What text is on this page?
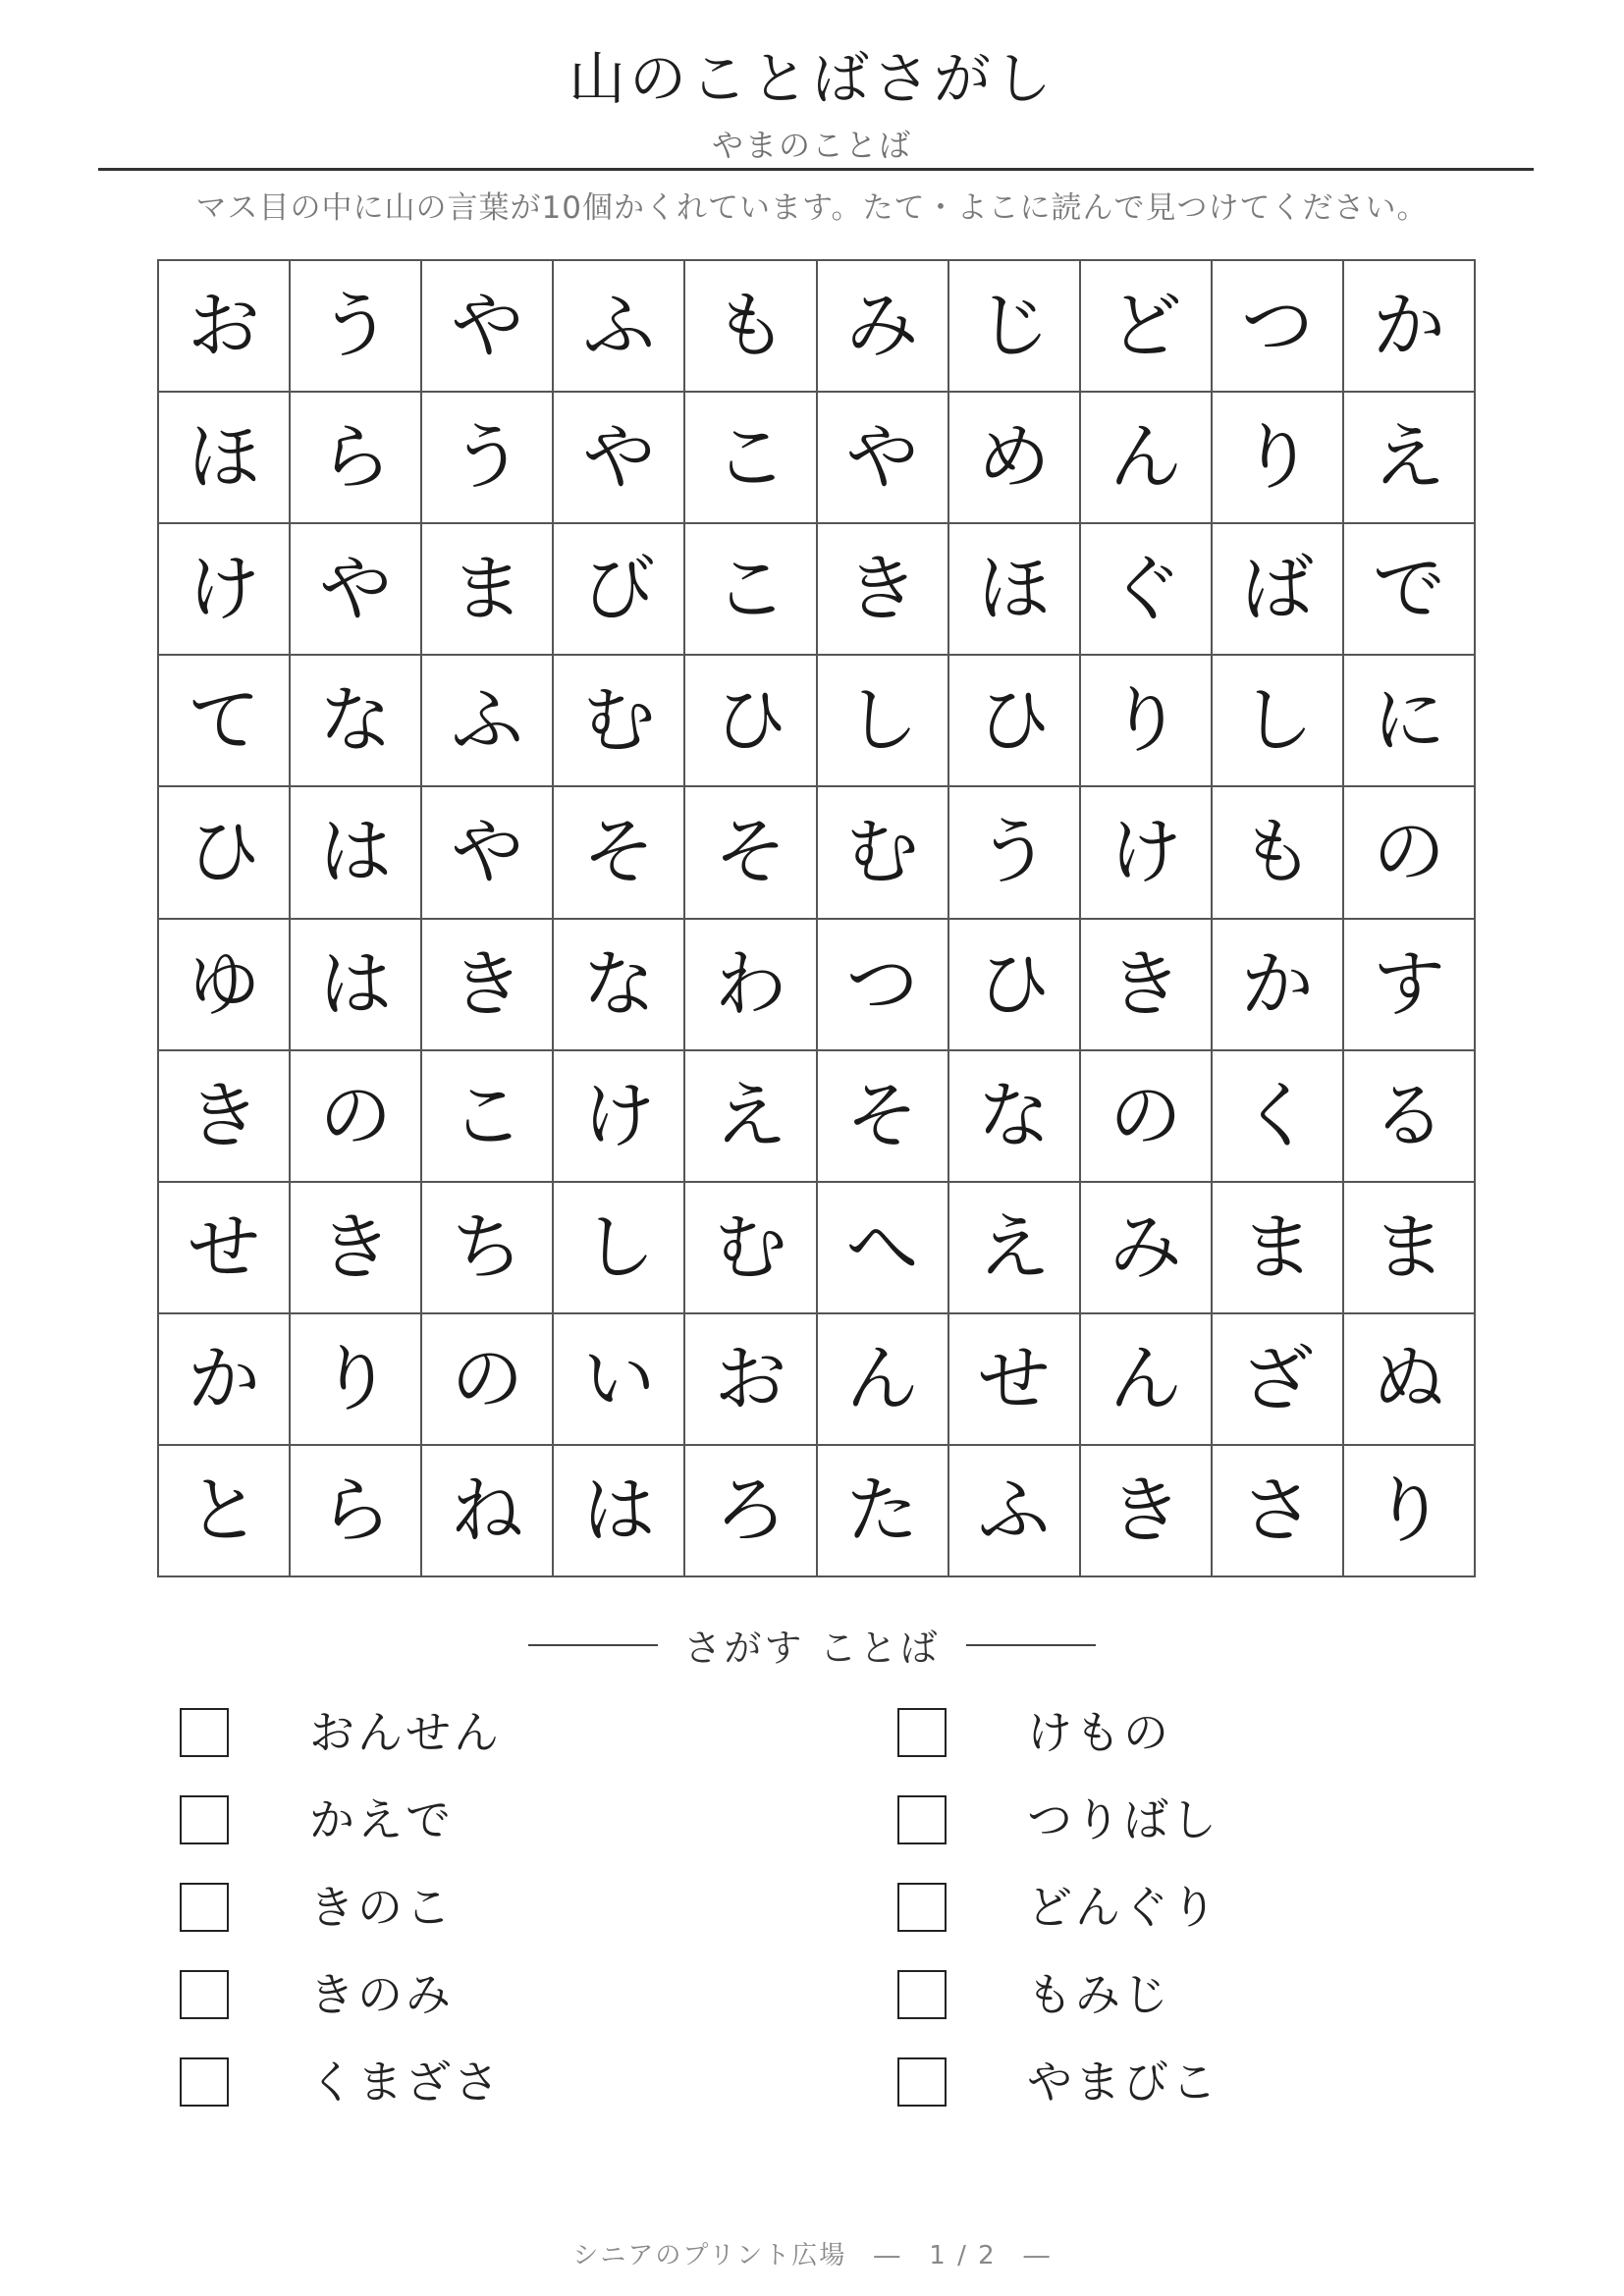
山のことばさがし
やまのことば
マス目の中に山の言葉が10個かくれています。たて・よこに読んで見つけてください。
お う や ふ も み じ ど つ か
ほ ら う や こ や め ん り え
け や ま び こ き ほ ぐ ば で
て な ふ む ひ し ひ り し に
ひ は や そ そ む う け も の
ゆ は き な わ つ ひ き か す
き の こ け え そ な の く る
せ き ち し む へ え み ま ま
か り の い お ん せ ん ざ ぬ
と ら ね は ろ た ふ き さ り
さがす ことば
おんせん
かえで
きのこ
きのみ
くまざさ
けもの
つりばし
どんぐり
もみじ
やまびこ
シニアのプリント広場　―　1 / 2　―
